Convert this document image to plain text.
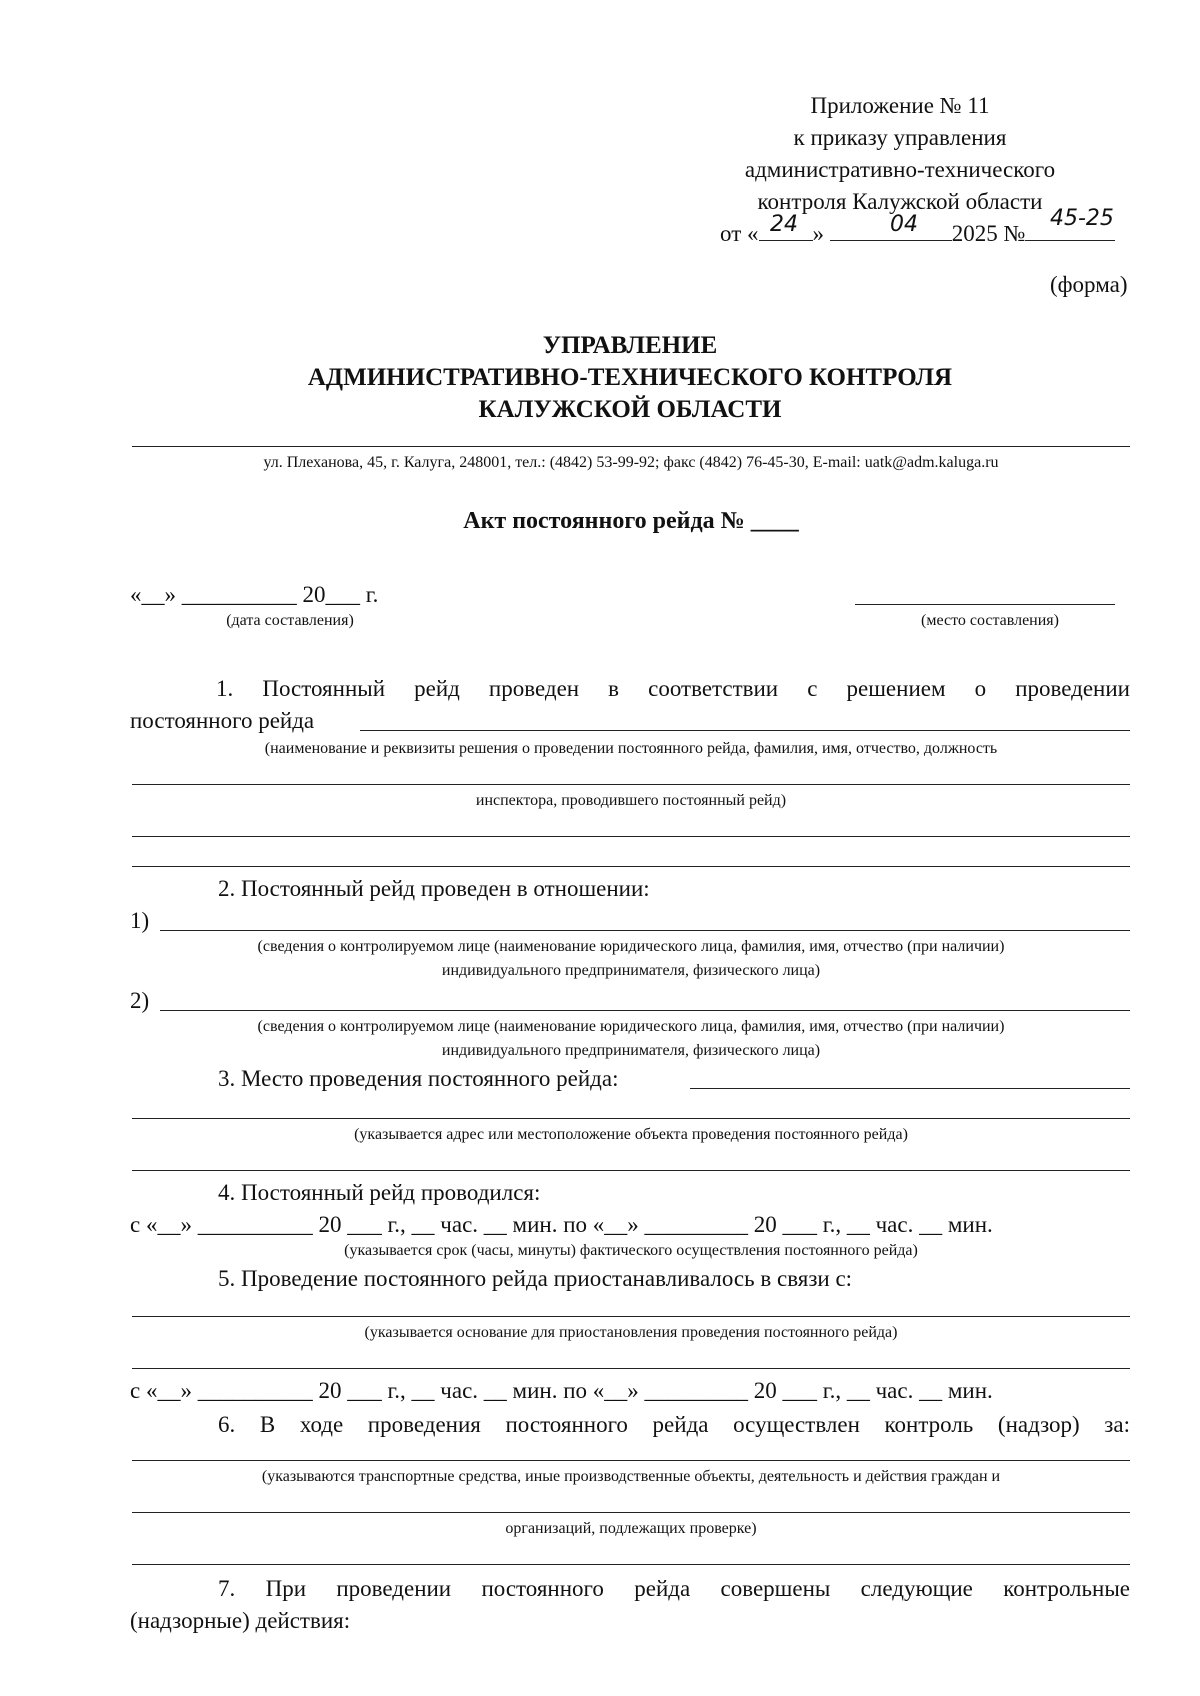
Приложение № 11
к приказу управления
административно-технического
контроля Калужской области
от « »	2025 №
24	04	45-25
(форма)
УПРАВЛЕНИЕ
АДМИНИСТРАТИВНО-ТЕХНИЧЕСКОГО КОНТРОЛЯ
КАЛУЖСКОЙ ОБЛАСТИ
ул. Плеханова, 45, г. Калуга, 248001, тел.: (4842) 53-99-92; факс (4842) 76-45-30, E-mail: uatk@adm.kaluga.ru
Акт постоянного рейда № ____
«__» __________ 20___ г.
(дата составления)	(место составления)
1. Постоянный рейд проведен в соответствии с решением о проведении
постоянного рейда
(наименование и реквизиты решения о проведении постоянного рейда, фамилия, имя, отчество, должность
инспектора, проводившего постоянный рейд)
2. Постоянный рейд проведен в отношении:
1)
(сведения о контролируемом лице (наименование юридического лица, фамилия, имя, отчество (при наличии)
индивидуального предпринимателя, физического лица)
2)
(сведения о контролируемом лице (наименование юридического лица, фамилия, имя, отчество (при наличии)
индивидуального предпринимателя, физического лица)
3. Место проведения постоянного рейда:
(указывается адрес или местоположение объекта проведения постоянного рейда)
4. Постоянный рейд проводился:
с «__» __________ 20 ___ г., __ час. __ мин. по «__» _________ 20 ___ г., __ час. __ мин.
(указывается срок (часы, минуты) фактического осуществления постоянного рейда)
5. Проведение постоянного рейда приостанавливалось в связи с:
(указывается основание для приостановления проведения постоянного рейда)
с «__» __________ 20 ___ г., __ час. __ мин. по «__» _________ 20 ___ г., __ час. __ мин.
6. В ходе проведения постоянного рейда осуществлен контроль (надзор) за:
(указываются транспортные средства, иные производственные объекты, деятельность и действия граждан и
организаций, подлежащих проверке)
7. При проведении постоянного рейда совершены следующие контрольные
(надзорные) действия:
